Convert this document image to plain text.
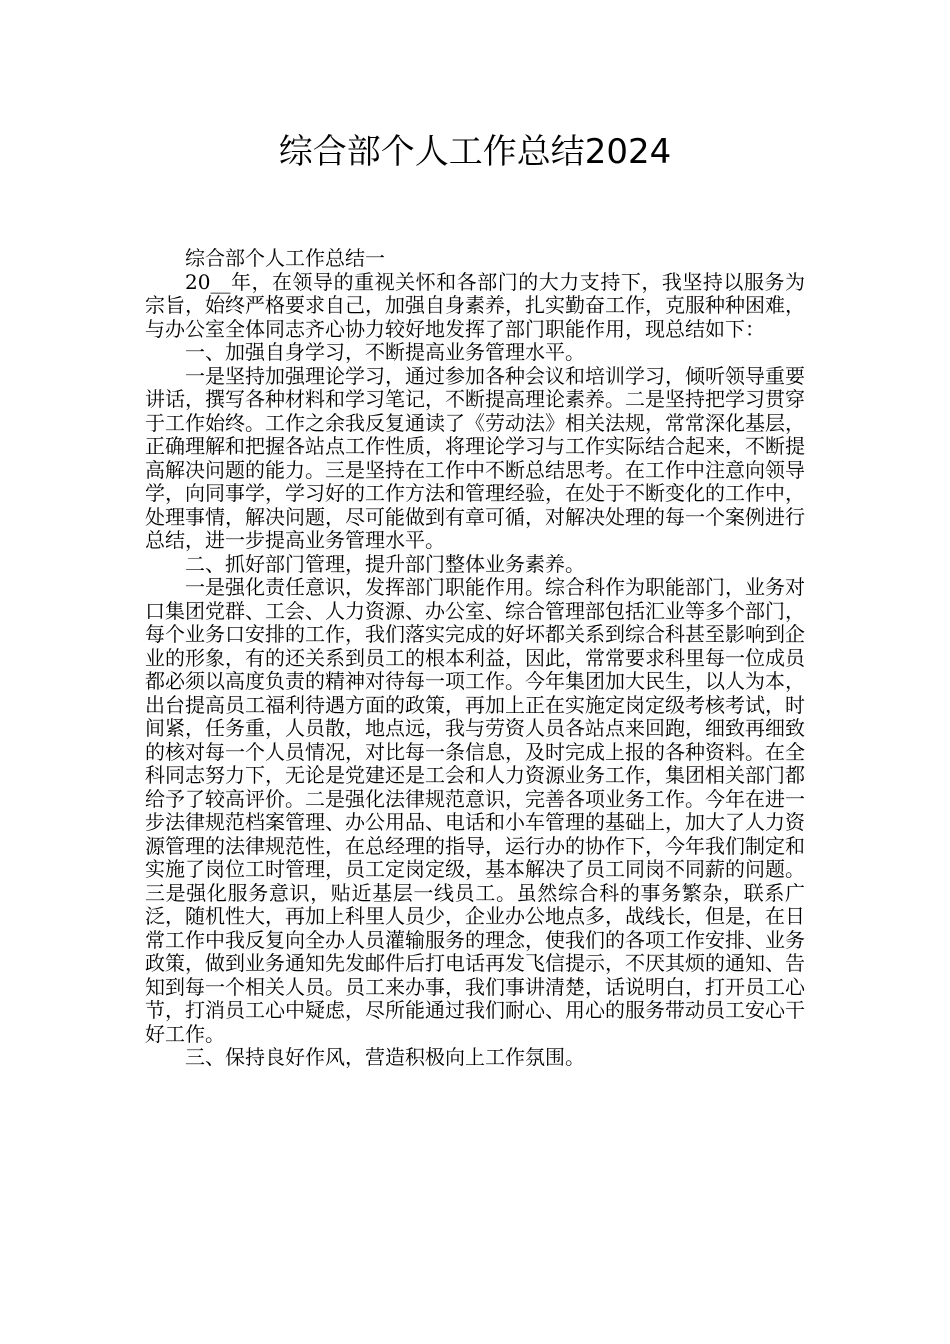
综合部个人工作总结2024

综合部个人工作总结一

20__年，在领导的重视关怀和各部门的大力支持下，我坚持以服务为宗旨，始终严格要求自己，加强自身素养，扎实勤奋工作，克服种种困难，与办公室全体同志齐心协力较好地发挥了部门职能作用，现总结如下：

一、加强自身学习，不断提高业务管理水平。

一是坚持加强理论学习，通过参加各种会议和培训学习，倾听领导重要讲话，撰写各种材料和学习笔记，不断提高理论素养。二是坚持把学习贯穿于工作始终。工作之余我反复通读了《劳动法》相关法规，常常深化基层，正确理解和把握各站点工作性质，将理论学习与工作实际结合起来，不断提高解决问题的能力。三是坚持在工作中不断总结思考。在工作中注意向领导学，向同事学，学习好的工作方法和管理经验，在处于不断变化的工作中，处理事情，解决问题，尽可能做到有章可循，对解决处理的每一个案例进行总结，进一步提高业务管理水平。

二、抓好部门管理，提升部门整体业务素养。

一是强化责任意识，发挥部门职能作用。综合科作为职能部门，业务对口集团党群、工会、人力资源、办公室、综合管理部包括汇业等多个部门，每个业务口安排的工作，我们落实完成的好坏都关系到综合科甚至影响到企业的形象，有的还关系到员工的根本利益，因此，常常要求科里每一位成员都必须以高度负责的精神对待每一项工作。今年集团加大民生，以人为本，出台提高员工福利待遇方面的政策，再加上正在实施定岗定级考核考试，时间紧，任务重，人员散，地点远，我与劳资人员各站点来回跑，细致再细致的核对每一个人员情况，对比每一条信息，及时完成上报的各种资料。在全科同志努力下，无论是党建还是工会和人力资源业务工作，集团相关部门都给予了较高评价。二是强化法律规范意识，完善各项业务工作。今年在进一步法律规范档案管理、办公用品、电话和小车管理的基础上，加大了人力资源管理的法律规范性，在总经理的指导，运行办的协作下，今年我们制定和实施了岗位工时管理，员工定岗定级，基本解决了员工同岗不同薪的问题。三是强化服务意识，贴近基层一线员工。虽然综合科的事务繁杂，联系广泛，随机性大，再加上科里人员少，企业办公地点多，战线长，但是，在日常工作中我反复向全办人员灌输服务的理念，使我们的各项工作安排、业务政策，做到业务通知先发邮件后打电话再发飞信提示，不厌其烦的通知、告知到每一个相关人员。员工来办事，我们事讲清楚，话说明白，打开员工心节，打消员工心中疑虑，尽所能通过我们耐心、用心的服务带动员工安心干好工作。

三、保持良好作风，营造积极向上工作氛围。
